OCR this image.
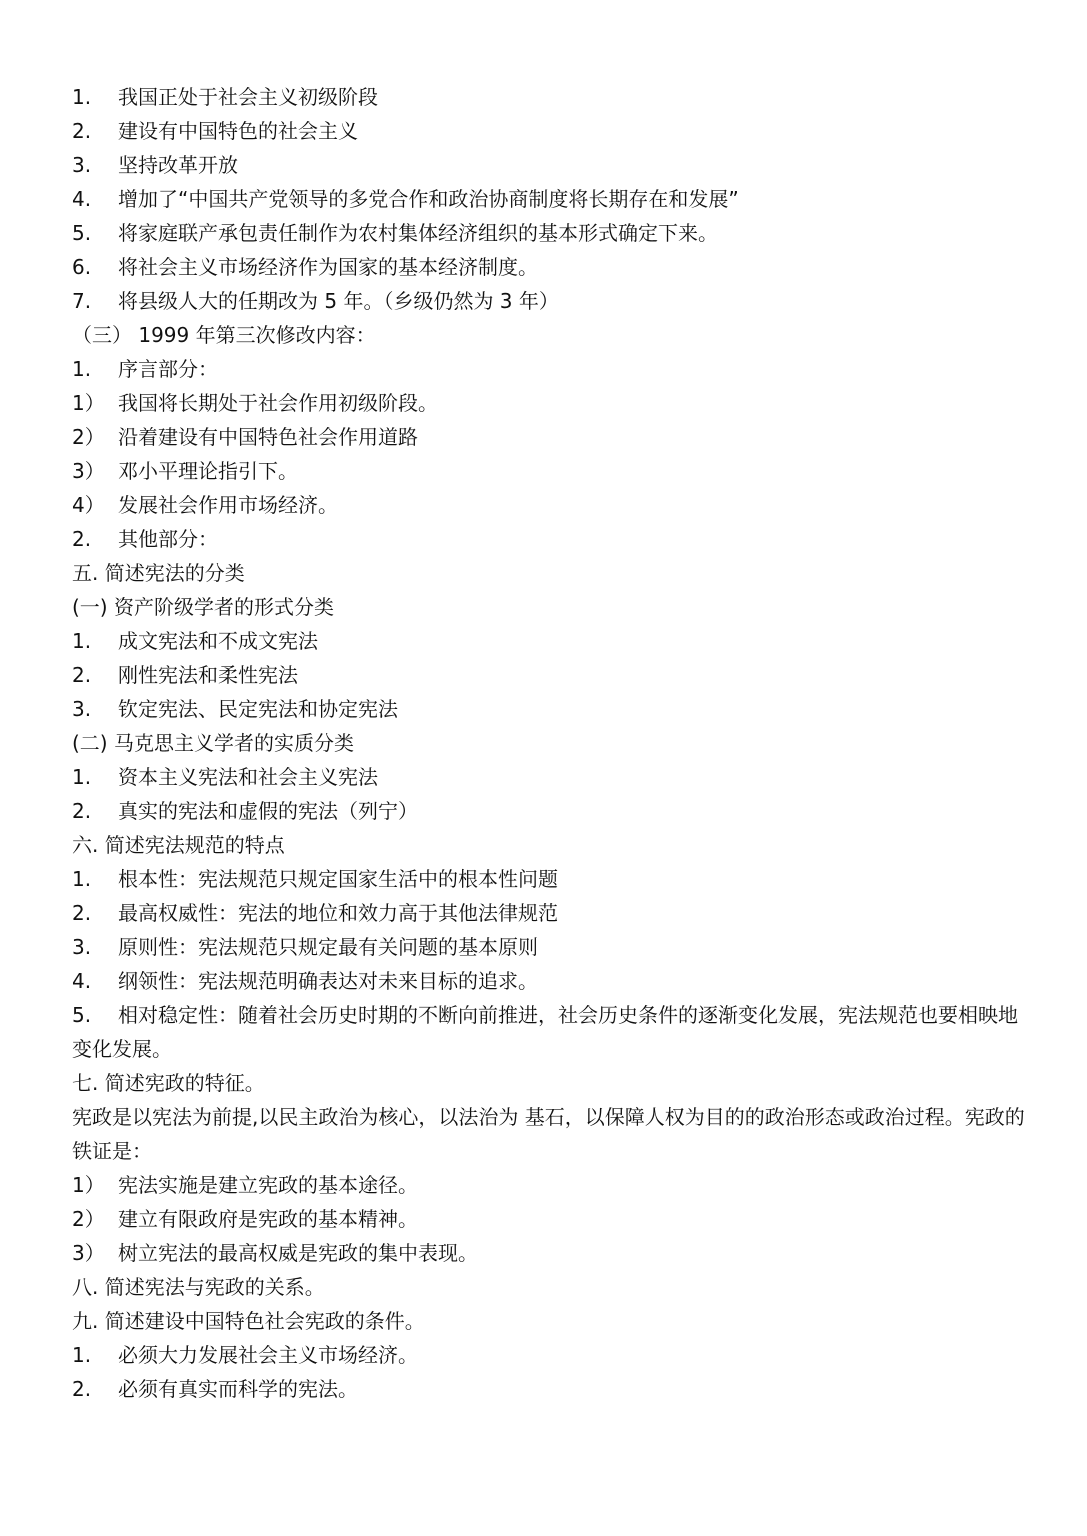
1.	我国正处于社会主义初级阶段
2.	建设有中国特色的社会主义
3.	坚持改革开放
4.	增加了“中国共产党领导的多党合作和政治协商制度将长期存在和发展”
5.	将家庭联产承包责任制作为农村集体经济组织的基本形式确定下来。
6.	将社会主义市场经济作为国家的基本经济制度。
7.	将县级人大的任期改为 5 年。（乡级仍然为 3 年）
（三） 1999 年第三次修改内容：
1.	序言部分：
1） 我国将长期处于社会作用初级阶段。
2） 沿着建设有中国特色社会作用道路
3） 邓小平理论指引下。
4） 发展社会作用市场经济。
2.	其他部分：
五. 简述宪法的分类
(一) 资产阶级学者的形式分类
1.	成文宪法和不成文宪法
2.	刚性宪法和柔性宪法
3.	钦定宪法、民定宪法和协定宪法
(二) 马克思主义学者的实质分类
1.	资本主义宪法和社会主义宪法
2.	真实的宪法和虚假的宪法（列宁）
六. 简述宪法规范的特点
1.	根本性：宪法规范只规定国家生活中的根本性问题
2.	最高权威性：宪法的地位和效力高于其他法律规范
3.	原则性：宪法规范只规定最有关问题的基本原则
4.	纲领性：宪法规范明确表达对未来目标的追求。
5. 相对稳定性：随着社会历史时期的不断向前推进，社会历史条件的逐渐变化发展，宪法规范也要相映地变化发展。
七. 简述宪政的特征。
宪政是以宪法为前提,以民主政治为核心，以法治为 基石，以保障人权为目的的政治形态或政治过程。宪政的铁证是：
1） 宪法实施是建立宪政的基本途径。
2） 建立有限政府是宪政的基本精神。
3） 树立宪法的最高权威是宪政的集中表现。
八. 简述宪法与宪政的关系。
九. 简述建设中国特色社会宪政的条件。
1.	必须大力发展社会主义市场经济。
2.	必须有真实而科学的宪法。
